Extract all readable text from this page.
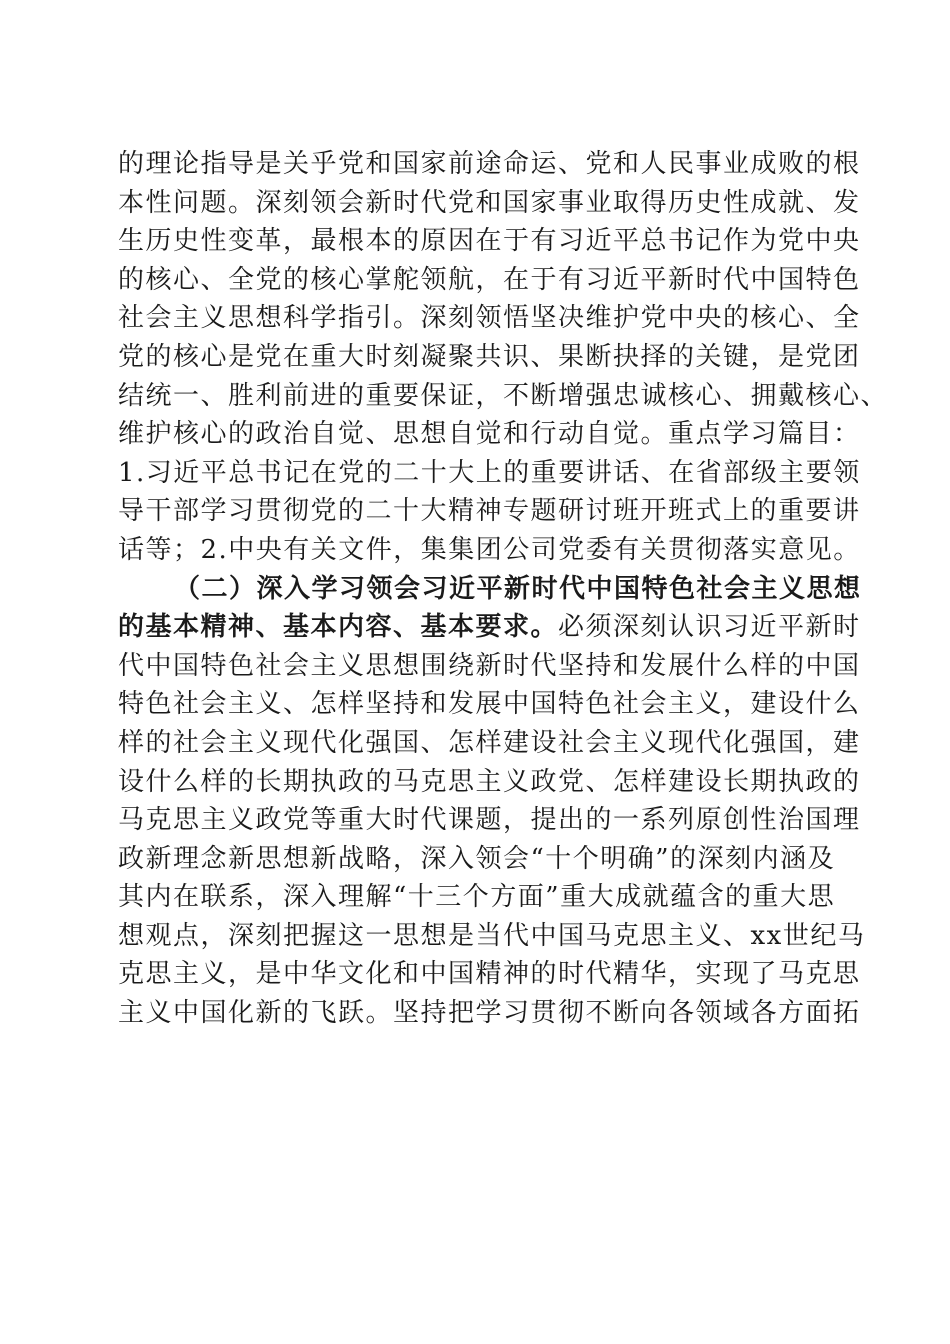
的理论指导是关乎党和国家前途命运、党和人民事业成败的根
本性问题。深刻领会新时代党和国家事业取得历史性成就、发
生历史性变革，最根本的原因在于有习近平总书记作为党中央
的核心、全党的核心掌舵领航，在于有习近平新时代中国特色
社会主义思想科学指引。深刻领悟坚决维护党中央的核心、全
党的核心是党在重大时刻凝聚共识、果断抉择的关键，是党团
结统一、胜利前进的重要保证，不断增强忠诚核心、拥戴核心、
维护核心的政治自觉、思想自觉和行动自觉。重点学习篇目：
1.习近平总书记在党的二十大上的重要讲话、在省部级主要领
导干部学习贯彻党的二十大精神专题研讨班开班式上的重要讲
话等；2.中央有关文件，集集团公司党委有关贯彻落实意见。
（二）深入学习领会习近平新时代中国特色社会主义思想
的基本精神、基本内容、基本要求。必须深刻认识习近平新时
代中国特色社会主义思想围绕新时代坚持和发展什么样的中国
特色社会主义、怎样坚持和发展中国特色社会主义，建设什么
样的社会主义现代化强国、怎样建设社会主义现代化强国，建
设什么样的长期执政的马克思主义政党、怎样建设长期执政的
马克思主义政党等重大时代课题，提出的一系列原创性治国理
政新理念新思想新战略，深入领会“十个明确”的深刻内涵及
其内在联系，深入理解“十三个方面”重大成就蕴含的重大思
想观点，深刻把握这一思想是当代中国马克思主义、xx世纪马
克思主义，是中华文化和中国精神的时代精华，实现了马克思
主义中国化新的飞跃。坚持把学习贯彻不断向各领域各方面拓
